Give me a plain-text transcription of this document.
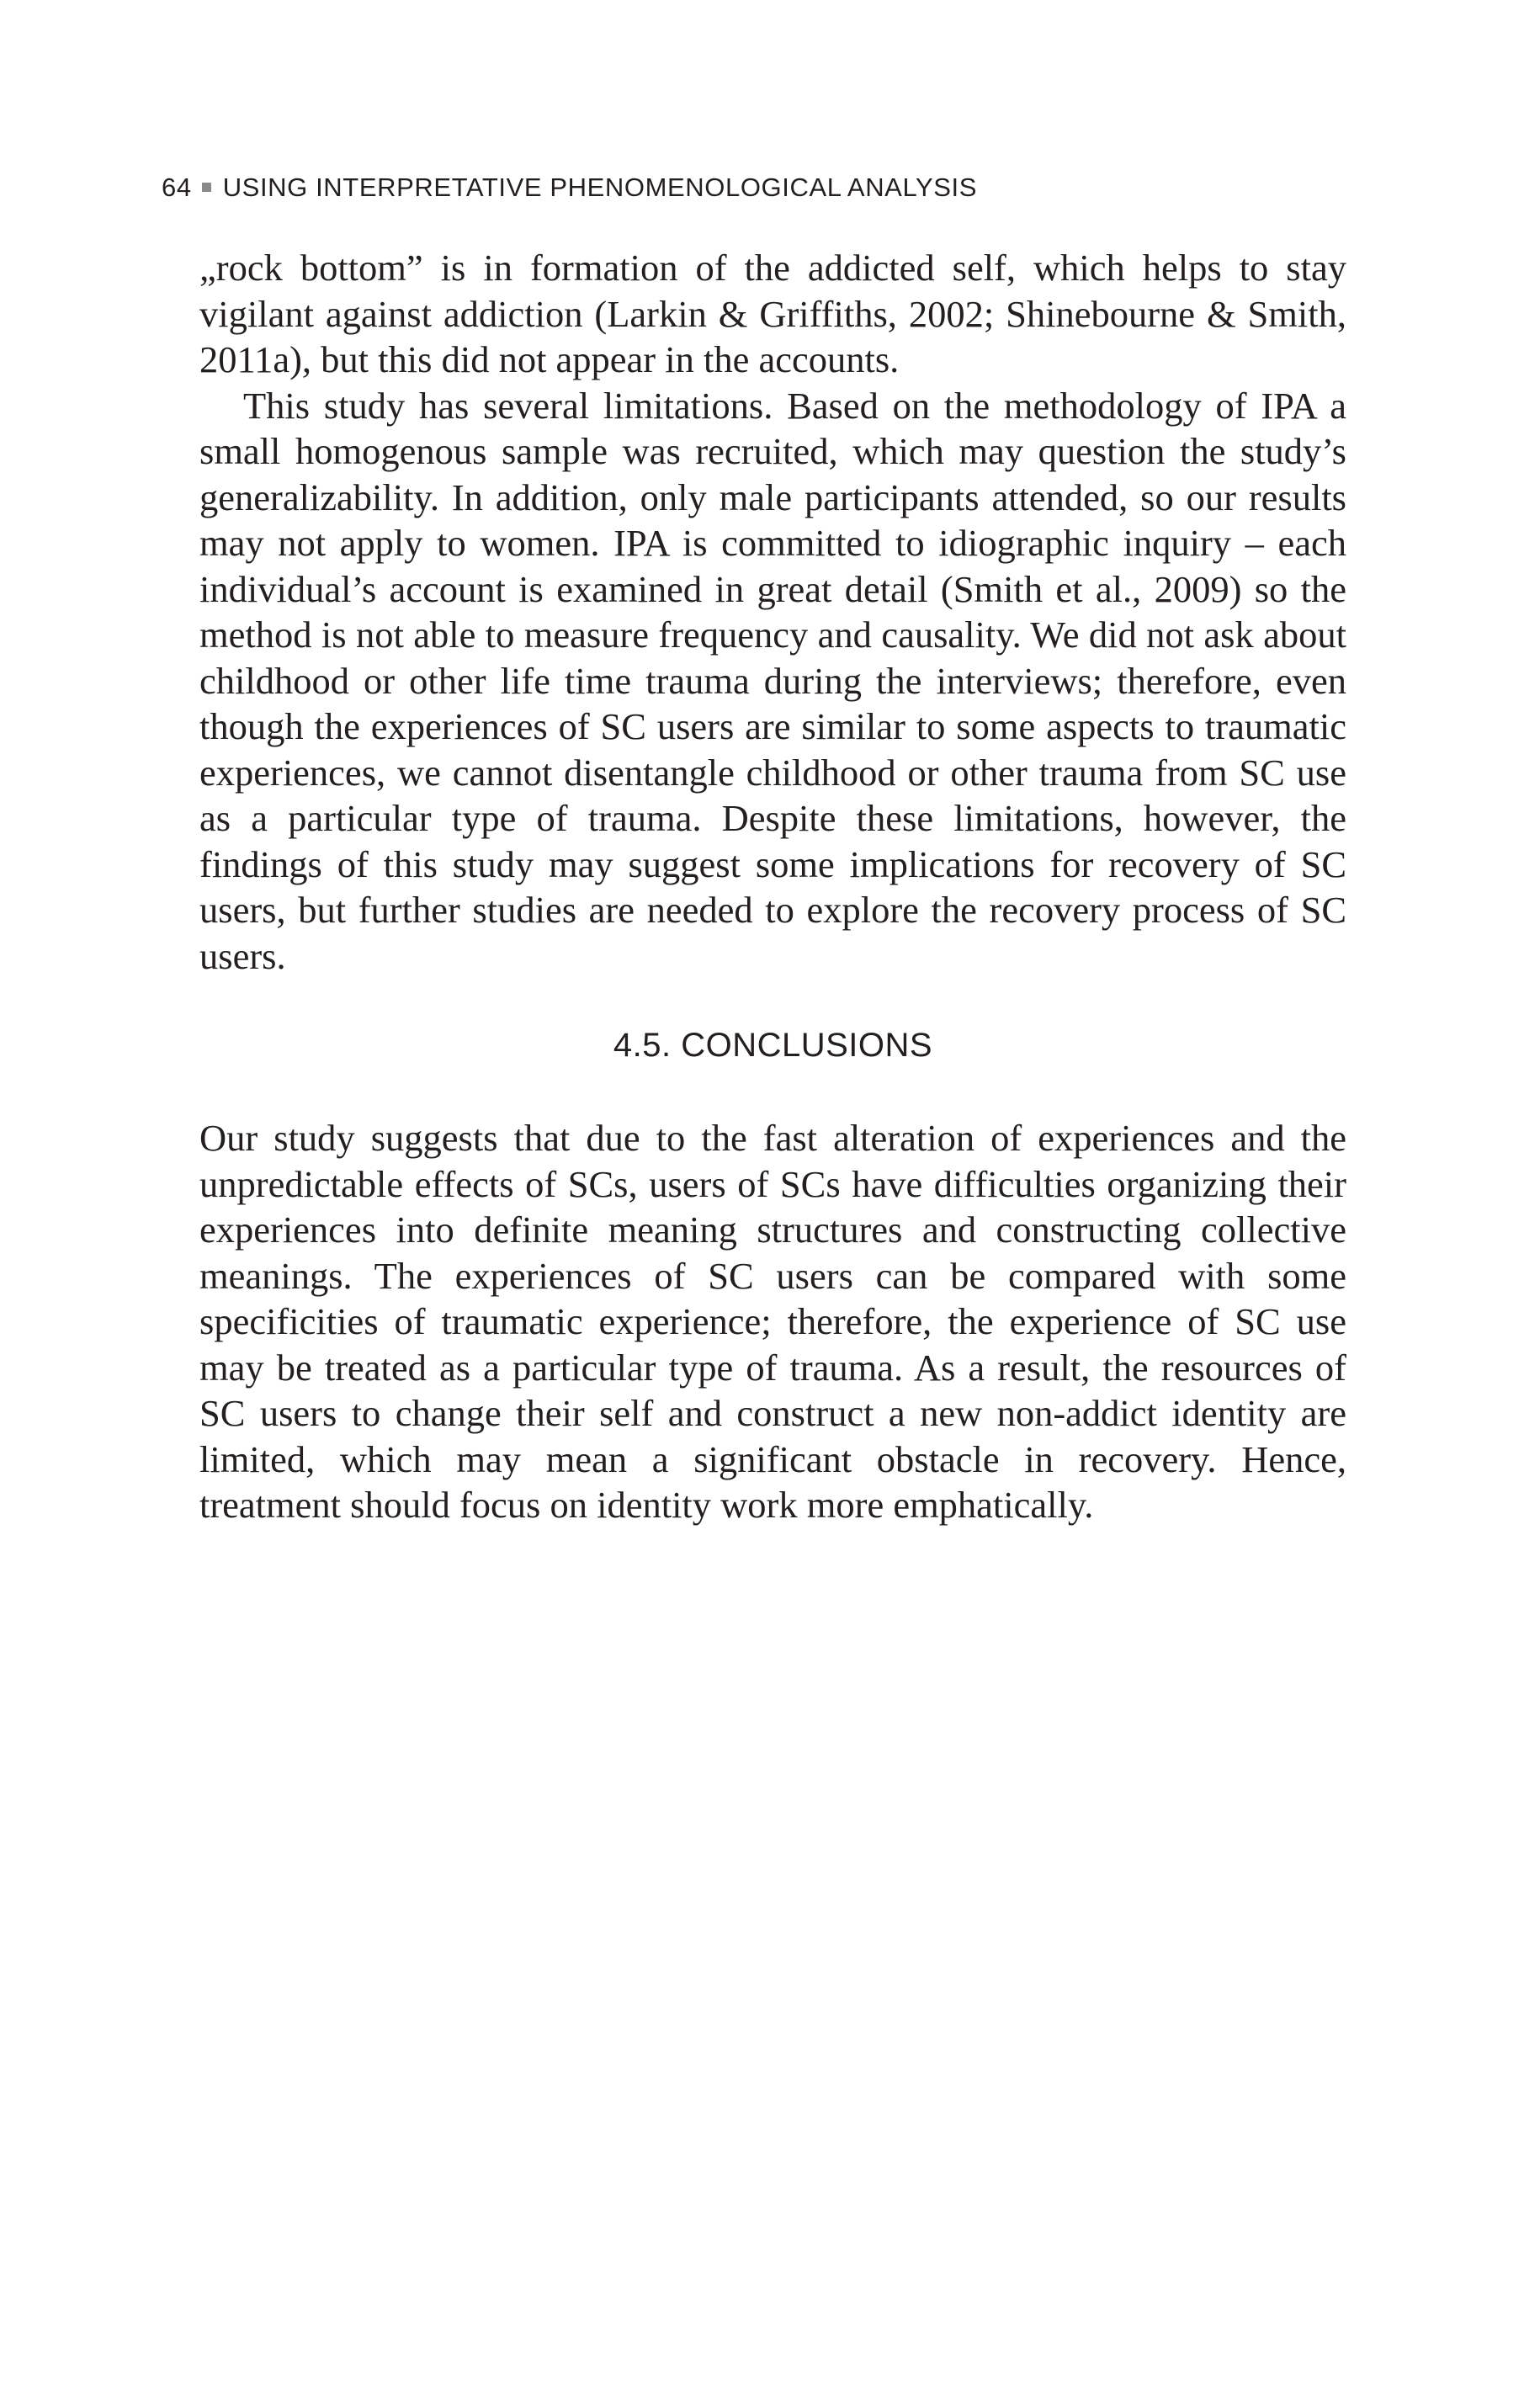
64 USING INTERPRETATIVE PHENOMENOLOGICAL ANALYSIS

„rock bottom” is in formation of the addicted self, which helps to stay vigilant against addiction (Larkin & Griffiths, 2002; Shinebourne & Smith, 2011a), but this did not appear in the accounts.

This study has several limitations. Based on the methodology of IPA a small homogenous sample was recruited, which may question the study’s generalizability. In addition, only male participants attended, so our results may not apply to women. IPA is committed to idiographic inquiry – each individual’s account is examined in great detail (Smith et al., 2009) so the method is not able to measure frequency and causality. We did not ask about childhood or other life time trauma during the interviews; therefore, even though the experiences of SC users are similar to some aspects to traumatic experiences, we cannot disentangle childhood or other trauma from SC use as a particular type of trauma. Despite these limitations, however, the findings of this study may suggest some implications for recovery of SC users, but further studies are needed to explore the recovery process of SC users.

4.5. CONCLUSIONS

Our study suggests that due to the fast alteration of experiences and the unpredictable effects of SCs, users of SCs have difficulties organizing their experiences into definite meaning structures and constructing collective meanings. The experiences of SC users can be compared with some specificities of traumatic experience; therefore, the experience of SC use may be treated as a particular type of trauma. As a result, the resources of SC users to change their self and construct a new non-addict identity are limited, which may mean a significant obstacle in recovery. Hence, treatment should focus on identity work more emphatically.
